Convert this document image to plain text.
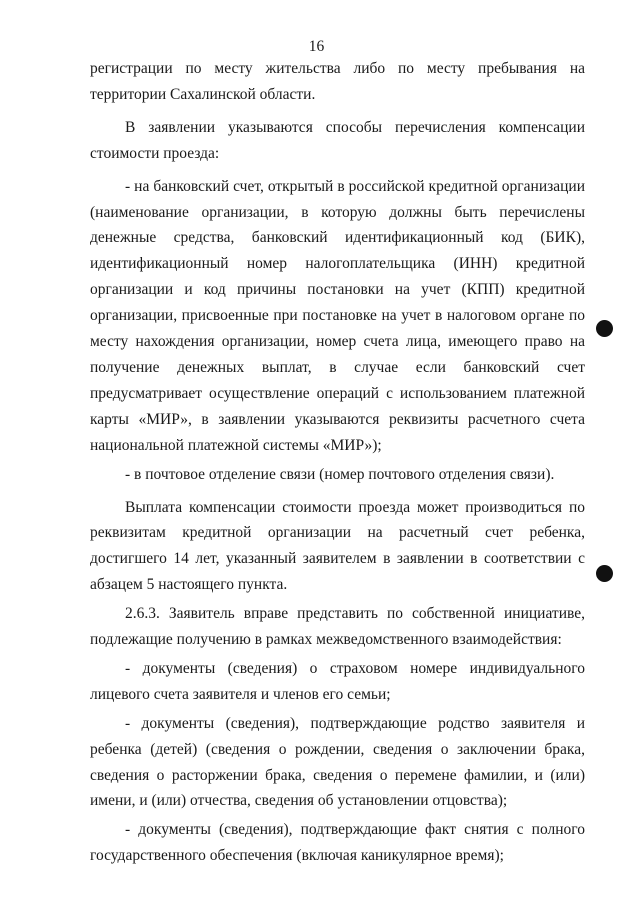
16

регистрации по месту жительства либо по месту пребывания на территории Сахалинской области.

В заявлении указываются способы перечисления компенсации стоимости проезда:

- на банковский счет, открытый в российской кредитной организации (наименование организации, в которую должны быть перечислены денежные средства, банковский идентификационный код (БИК), идентификационный номер налогоплательщика (ИНН) кредитной организации и код причины постановки на учет (КПП) кредитной организации, присвоенные при постановке на учет в налоговом органе по месту нахождения организации, номер счета лица, имеющего право на получение денежных выплат, в случае если банковский счет предусматривает осуществление операций с использованием платежной карты «МИР», в заявлении указываются реквизиты расчетного счета национальной платежной системы «МИР»);

- в почтовое отделение связи (номер почтового отделения связи).

Выплата компенсации стоимости проезда может производиться по реквизитам кредитной организации на расчетный счет ребенка, достигшего 14 лет, указанный заявителем в заявлении в соответствии с абзацем 5 настоящего пункта.

2.6.3. Заявитель вправе представить по собственной инициативе, подлежащие получению в рамках межведомственного взаимодействия:

- документы (сведения) о страховом номере индивидуального лицевого счета заявителя и членов его семьи;

- документы (сведения), подтверждающие родство заявителя и ребенка (детей) (сведения о рождении, сведения о заключении брака, сведения о расторжении брака, сведения о перемене фамилии, и (или) имени, и (или) отчества, сведения об установлении отцовства);

- документы (сведения), подтверждающие факт снятия с полного государственного обеспечения (включая каникулярное время);
